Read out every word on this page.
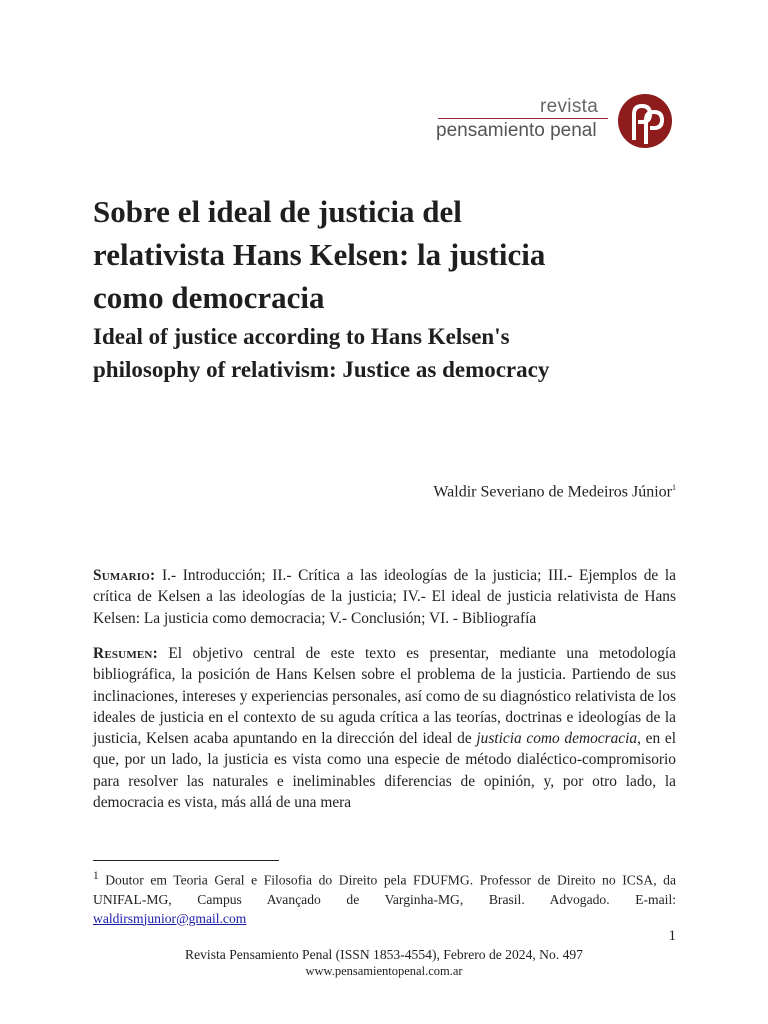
revista
pensamiento penal
Sobre el ideal de justicia del relativista Hans Kelsen: la justicia como democracia
Ideal of justice according to Hans Kelsen's philosophy of relativism: Justice as democracy
Waldir Severiano de Medeiros Júnior$^1$

Sumario: I.- Introducción; II.- Crítica a las ideologías de la justicia; III.- Ejemplos de la crítica de Kelsen a las ideologías de la justicia; IV.- El ideal de justicia relativista de Hans Kelsen: La justicia como democracia; V.- Conclusión; VI. - Bibliografía

Resumen: El objetivo central de este texto es presentar, mediante una metodología bibliográfica, la posición de Hans Kelsen sobre el problema de la justicia. Partiendo de sus inclinaciones, intereses y experiencias personales, así como de su diagnóstico relativista de los ideales de justicia en el contexto de su aguda crítica a las teorías, doctrinas e ideologías de la justicia, Kelsen acaba apuntando en la dirección del ideal de justicia como democracia, en el que, por un lado, la justicia es vista como una especie de método dialéctico-compromisorio para resolver las naturales e ineliminables diferencias de opinión, y, por otro lado, la democracia es vista, más allá de una mera

$^1$ Doutor em Teoria Geral e Filosofia do Direito pela FDUFMG. Professor de Direito no ICSA, da UNIFAL-MG, Campus Avançado de Varginha-MG, Brasil. Advogado. E-mail: waldirsmjunior@gmail.com

1
Revista Pensamiento Penal (ISSN 1853-4554), Febrero de 2024, No. 497
www.pensamientopenal.com.ar
